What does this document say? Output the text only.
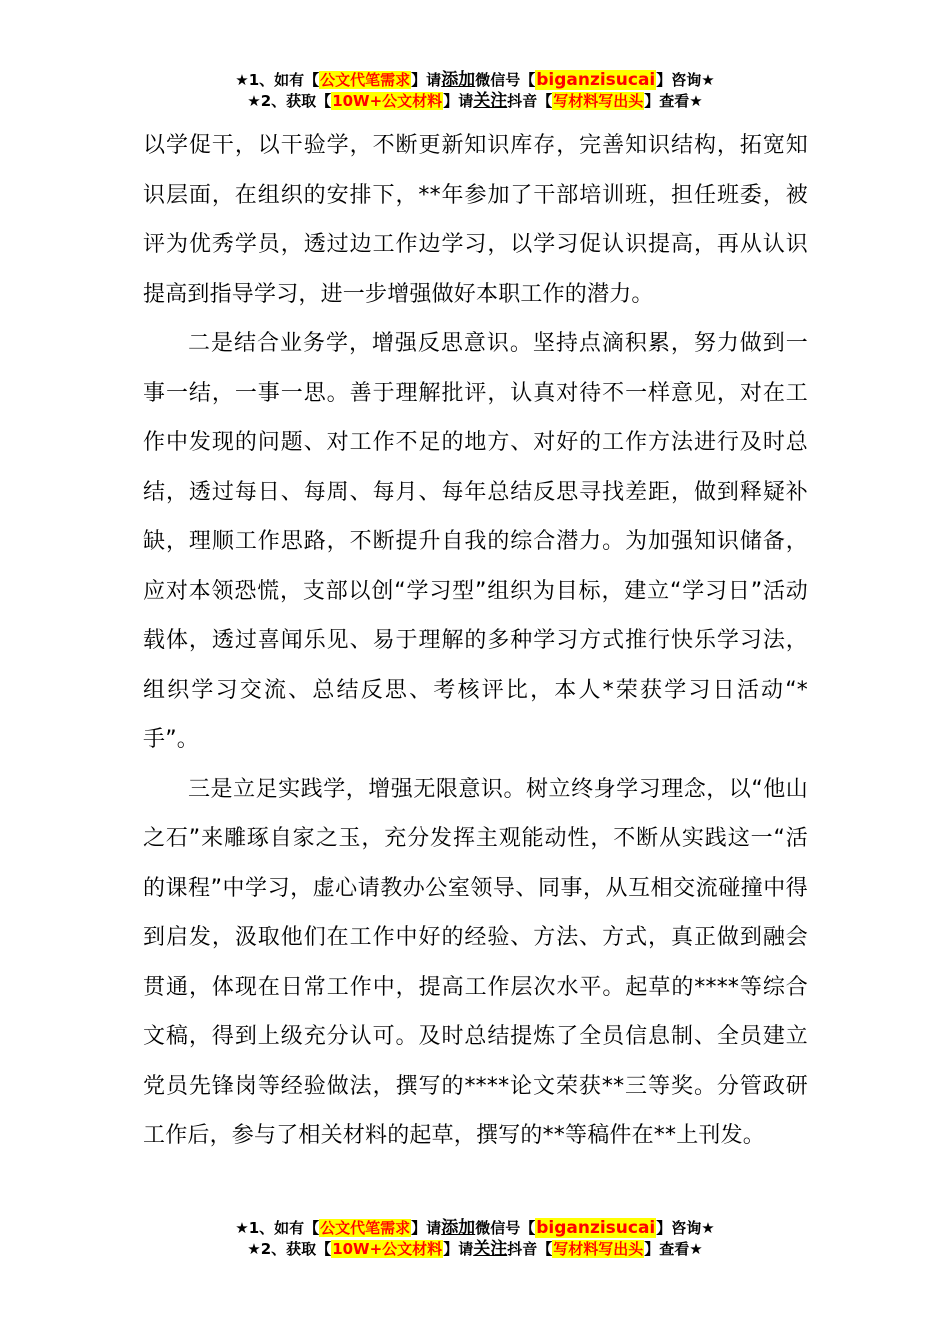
★1、如有【公文代笔需求】请添加微信号【biganzisucai】咨询★
★2、获取【10W+公文材料】请关注抖音【写材料写出头】查看★

以学促干，以干验学，不断更新知识库存，完善知识结构，拓宽知识层面，在组织的安排下，**年参加了干部培训班，担任班委，被评为优秀学员，透过边工作边学习，以学习促认识提高，再从认识提高到指导学习，进一步增强做好本职工作的潜力。

二是结合业务学，增强反思意识。坚持点滴积累，努力做到一事一结，一事一思。善于理解批评，认真对待不一样意见，对在工作中发现的问题、对工作不足的地方、对好的工作方法进行及时总结，透过每日、每周、每月、每年总结反思寻找差距，做到释疑补缺，理顺工作思路，不断提升自我的综合潜力。为加强知识储备，应对本领恐慌，支部以创“学习型”组织为目标，建立“学习日”活动载体，透过喜闻乐见、易于理解的多种学习方式推行快乐学习法，组织学习交流、总结反思、考核评比，本人*荣获学习日活动“*手”。

三是立足实践学，增强无限意识。树立终身学习理念，以“他山之石”来雕琢自家之玉，充分发挥主观能动性，不断从实践这一“活的课程”中学习，虚心请教办公室领导、同事，从互相交流碰撞中得到启发，汲取他们在工作中好的经验、方法、方式，真正做到融会贯通，体现在日常工作中，提高工作层次水平。起草的****等综合文稿，得到上级充分认可。及时总结提炼了全员信息制、全员建立党员先锋岗等经验做法，撰写的****论文荣获**三等奖。分管政研工作后，参与了相关材料的起草，撰写的**等稿件在**上刊发。

★1、如有【公文代笔需求】请添加微信号【biganzisucai】咨询★
★2、获取【10W+公文材料】请关注抖音【写材料写出头】查看★
